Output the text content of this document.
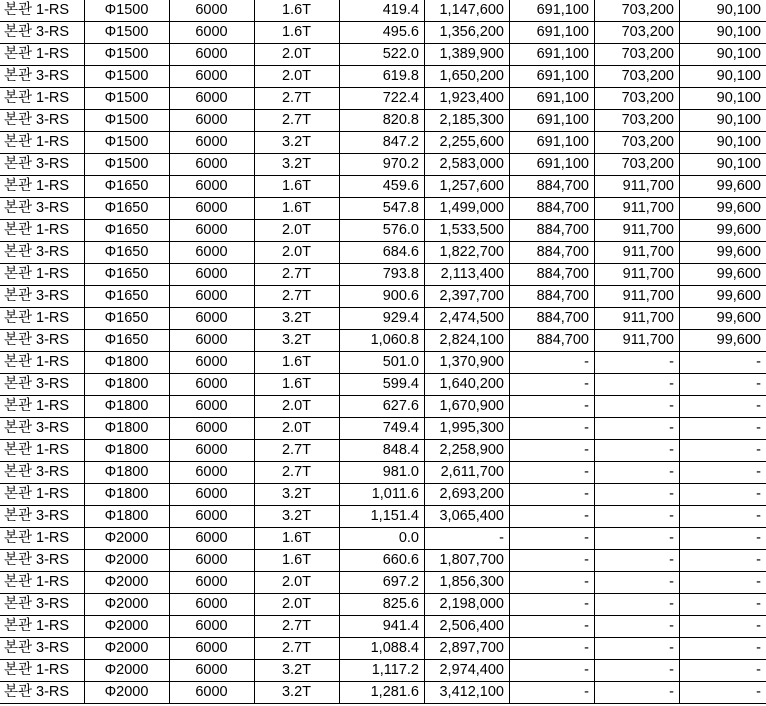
본관 1-RS	Φ1500	6000	1.6T	419.4	1,147,600	691,100	703,200	90,100
본관 3-RS	Φ1500	6000	1.6T	495.6	1,356,200	691,100	703,200	90,100
본관 1-RS	Φ1500	6000	2.0T	522.0	1,389,900	691,100	703,200	90,100
본관 3-RS	Φ1500	6000	2.0T	619.8	1,650,200	691,100	703,200	90,100
본관 1-RS	Φ1500	6000	2.7T	722.4	1,923,400	691,100	703,200	90,100
본관 3-RS	Φ1500	6000	2.7T	820.8	2,185,300	691,100	703,200	90,100
본관 1-RS	Φ1500	6000	3.2T	847.2	2,255,600	691,100	703,200	90,100
본관 3-RS	Φ1500	6000	3.2T	970.2	2,583,000	691,100	703,200	90,100
본관 1-RS	Φ1650	6000	1.6T	459.6	1,257,600	884,700	911,700	99,600
본관 3-RS	Φ1650	6000	1.6T	547.8	1,499,000	884,700	911,700	99,600
본관 1-RS	Φ1650	6000	2.0T	576.0	1,533,500	884,700	911,700	99,600
본관 3-RS	Φ1650	6000	2.0T	684.6	1,822,700	884,700	911,700	99,600
본관 1-RS	Φ1650	6000	2.7T	793.8	2,113,400	884,700	911,700	99,600
본관 3-RS	Φ1650	6000	2.7T	900.6	2,397,700	884,700	911,700	99,600
본관 1-RS	Φ1650	6000	3.2T	929.4	2,474,500	884,700	911,700	99,600
본관 3-RS	Φ1650	6000	3.2T	1,060.8	2,824,100	884,700	911,700	99,600
본관 1-RS	Φ1800	6000	1.6T	501.0	1,370,900	-	-	-
본관 3-RS	Φ1800	6000	1.6T	599.4	1,640,200	-	-	-
본관 1-RS	Φ1800	6000	2.0T	627.6	1,670,900	-	-	-
본관 3-RS	Φ1800	6000	2.0T	749.4	1,995,300	-	-	-
본관 1-RS	Φ1800	6000	2.7T	848.4	2,258,900	-	-	-
본관 3-RS	Φ1800	6000	2.7T	981.0	2,611,700	-	-	-
본관 1-RS	Φ1800	6000	3.2T	1,011.6	2,693,200	-	-	-
본관 3-RS	Φ1800	6000	3.2T	1,151.4	3,065,400	-	-	-
본관 1-RS	Φ2000	6000	1.6T	0.0	-	-	-	-
본관 3-RS	Φ2000	6000	1.6T	660.6	1,807,700	-	-	-
본관 1-RS	Φ2000	6000	2.0T	697.2	1,856,300	-	-	-
본관 3-RS	Φ2000	6000	2.0T	825.6	2,198,000	-	-	-
본관 1-RS	Φ2000	6000	2.7T	941.4	2,506,400	-	-	-
본관 3-RS	Φ2000	6000	2.7T	1,088.4	2,897,700	-	-	-
본관 1-RS	Φ2000	6000	3.2T	1,117.2	2,974,400	-	-	-
본관 3-RS	Φ2000	6000	3.2T	1,281.6	3,412,100	-	-	-
